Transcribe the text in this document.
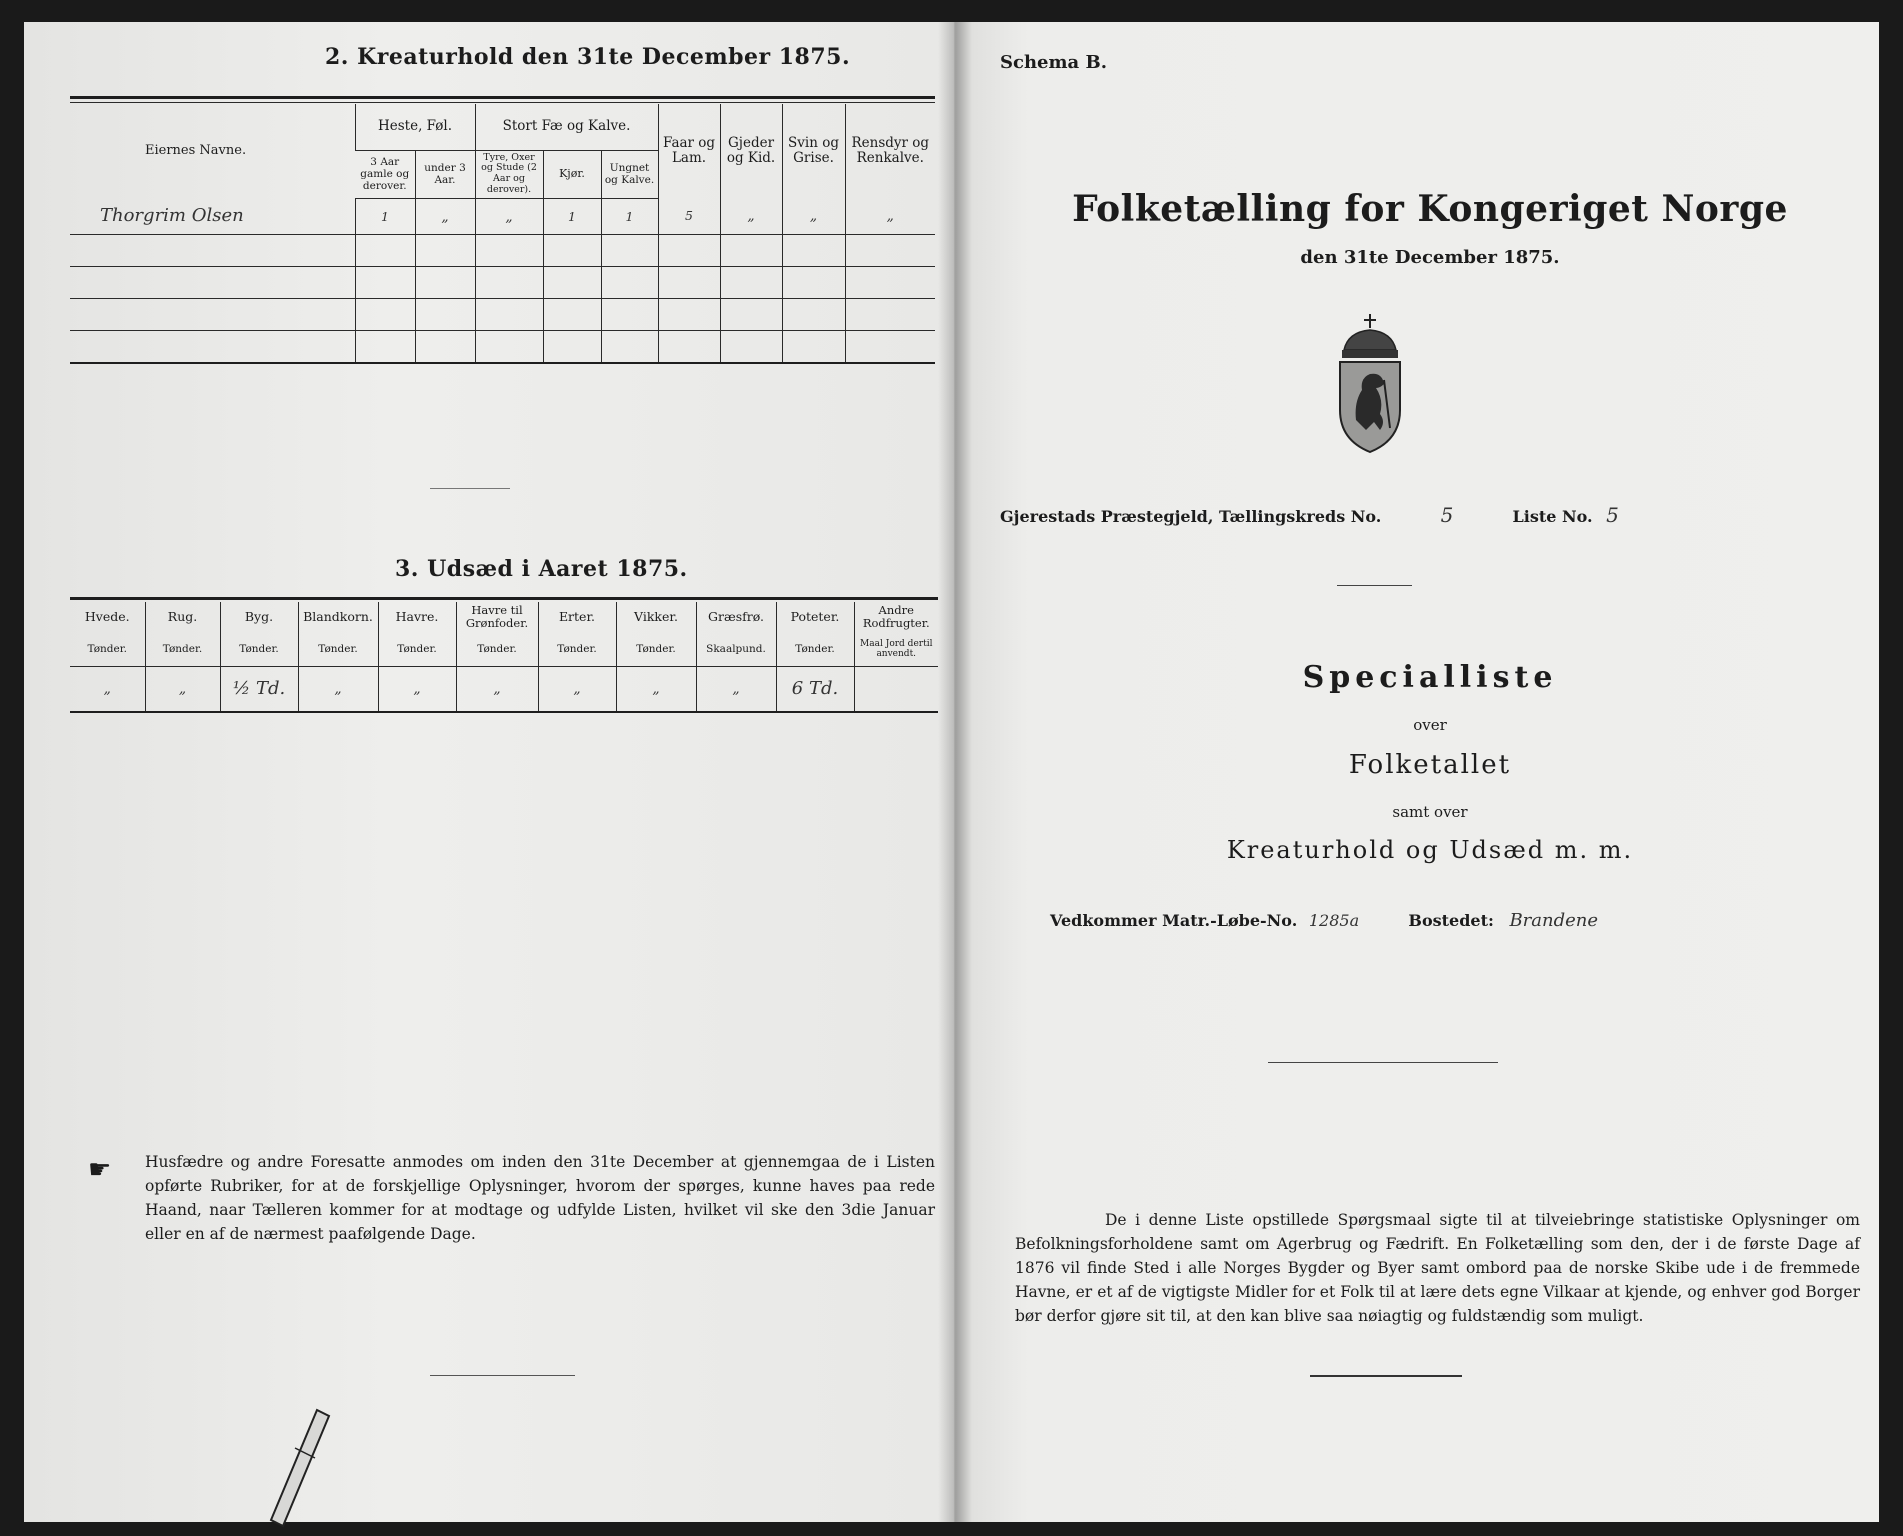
2. Kreaturhold den 31te December 1875.
Eiernes Navne.	Heste, Føl.		Stort Fæ og Kalve.			Faar og Lam.	Gjeder og Kid.	Svin og Grise.	Rensdyr og Renkalve.
	3 Aar gamle og derover.	under 3 Aar.	Tyre, Oxer og Stude (2 Aar og derover).	Kjør.	Ungnet og Kalve.				
Thorgrim Olsen	1	„	„	1	1	5	„	„	„

3. Udsæd i Aaret 1875.
Hvede.	Rug.	Byg.	Blandkorn.	Havre.	Havre til Grønfoder.	Erter.	Vikker.	Græsfrø.	Poteter.	Andre Rodfrugter.
Tønder.	Tønder.	Tønder.	Tønder.	Tønder.	Tønder.	Tønder.	Tønder.	Skaalpund.	Tønder.	Maal Jord dertil anvendt.
„	„	½ Td.	„	„	„	„	„	„	6 Td.	
☛ Husfædre og andre Foresatte anmodes om inden den 31te December at gjennemgaa de i Listen opførte Rubriker, for at de forskjellige Oplysninger, hvorom der spørges, kunne haves paa rede Haand, naar Tælleren kommer for at modtage og udfylde Listen, hvilket vil ske den 3die Januar eller en af de nærmest paafølgende Dage.
Schema B.
Folketælling for Kongeriget Norge
den 31te December 1875.
Gjerestads Præstegjeld, Tællingskreds No.	5	Liste No. 5
Specialliste
over
Folketallet
samt over
Kreaturhold og Udsæd m. m.
Vedkommer Matr.-Løbe-No. 1285a	Bostedet: Brandene
De i denne Liste opstillede Spørgsmaal sigte til at tilveiebringe statistiske Oplysninger om Befolkningsforholdene samt om Agerbrug og Fædrift. En Folketælling som den, der i de første Dage af 1876 vil finde Sted i alle Norges Bygder og Byer samt ombord paa de norske Skibe ude i de fremmede Havne, er et af de vigtigste Midler for et Folk til at lære dets egne Vilkaar at kjende, og enhver god Borger bør derfor gjøre sit til, at den kan blive saa nøiagtig og fuldstændig som muligt.
